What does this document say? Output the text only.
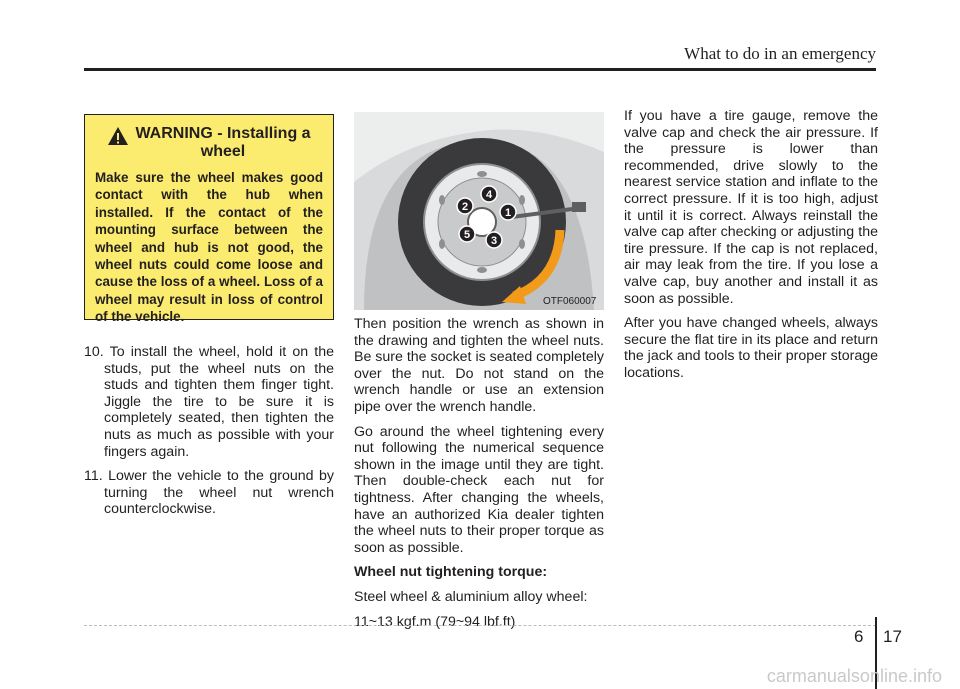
What to do in an emergency
WARNING - Installing a
wheel
Make sure the wheel makes good contact with the hub when installed. If the contact of the mounting surface between the wheel and hub is not good, the wheel nuts could come loose and cause the loss of a wheel. Loss of a wheel may result in loss of control of the vehicle.

10. To install the wheel, hold it on the studs, put the wheel nuts on the studs and tighten them finger tight. Jiggle the tire to be sure it is completely seated, then tighten the nuts as much as possible with your fingers again.

11. Lower the vehicle to the ground by turning the wheel nut wrench counterclockwise.

1
2
3
4
5
OTF060007

Then position the wrench as shown in the drawing and tighten the wheel nuts. Be sure the socket is seated completely over the nut. Do not stand on the wrench handle or use an extension pipe over the wrench handle.

Go around the wheel tightening every nut following the numerical sequence shown in the image until they are tight. Then double-check each nut for tightness. After changing the wheels, have an authorized Kia dealer tighten the wheel nuts to their proper torque as soon as possible.

Wheel nut tightening torque:

Steel wheel & aluminium alloy wheel:

11~13 kgf.m (79~94 lbf.ft)

If you have a tire gauge, remove the valve cap and check the air pressure. If the pressure is lower than recommended, drive slowly to the nearest service station and inflate to the correct pressure. If it is too high, adjust it until it is correct. Always reinstall the valve cap after checking or adjusting the tire pressure. If the cap is not replaced, air may leak from the tire. If you lose a valve cap, buy another and install it as soon as possible.

After you have changed wheels, always secure the flat tire in its place and return the jack and tools to their proper storage locations.

6 17
carmanualsonline.info
